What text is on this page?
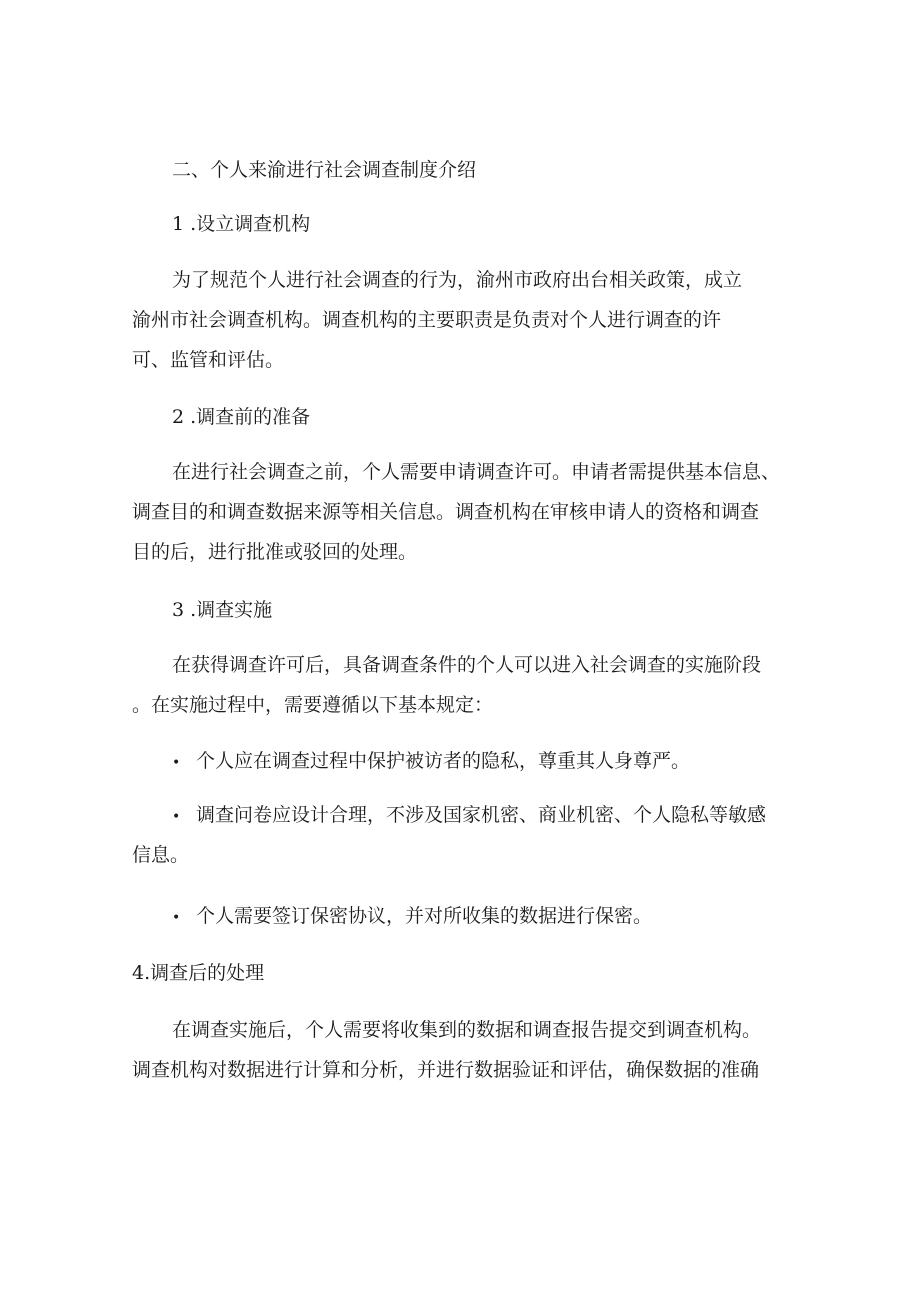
二、个人来渝进行社会调查制度介绍
1 .设立调查机构
为了规范个人进行社会调查的行为，渝州市政府出台相关政策，成立
渝州市社会调查机构。调查机构的主要职责是负责对个人进行调查的许
可、监管和评估。
2 .调查前的准备
在进行社会调查之前，个人需要申请调查许可。申请者需提供基本信息、
调查目的和调查数据来源等相关信息。调查机构在审核申请人的资格和调查
目的后，进行批准或驳回的处理。
3 .调查实施
在获得调查许可后，具备调查条件的个人可以进入社会调查的实施阶段
。在实施过程中，需要遵循以下基本规定：
• 个人应在调查过程中保护被访者的隐私，尊重其人身尊严。
• 调查问卷应设计合理，不涉及国家机密、商业机密、个人隐私等敏感
信息。
• 个人需要签订保密协议，并对所收集的数据进行保密。
4.调查后的处理
在调查实施后，个人需要将收集到的数据和调查报告提交到调查机构。
调查机构对数据进行计算和分析，并进行数据验证和评估，确保数据的准确
